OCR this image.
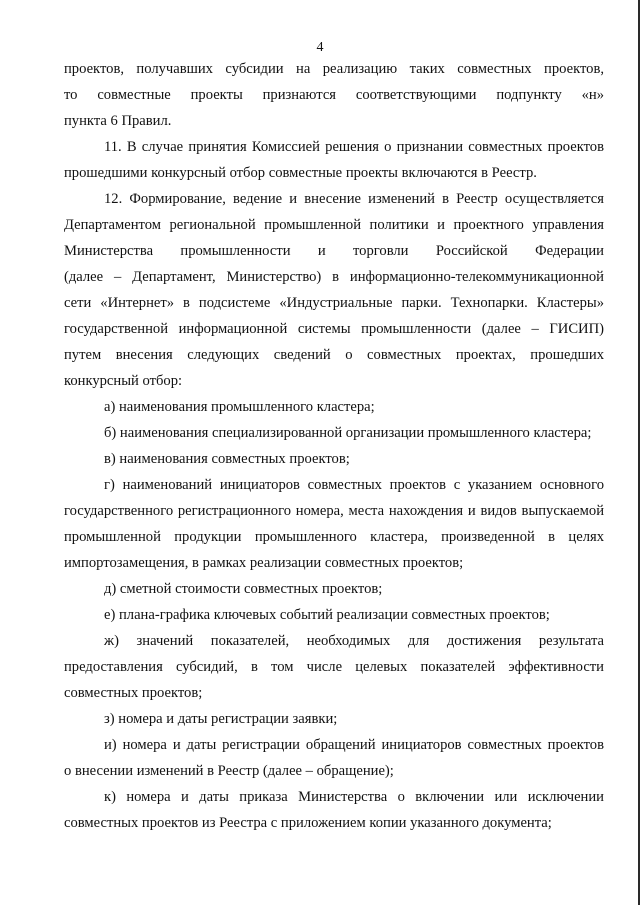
4
проектов, получавших субсидии на реализацию таких совместных проектов,
то совместные проекты признаются соответствующими подпункту «н»
пункта 6 Правил.
11. В случае принятия Комиссией решения о признании совместных проектов
прошедшими конкурсный отбор совместные проекты включаются в Реестр.
12. Формирование, ведение и внесение изменений в Реестр осуществляется
Департаментом региональной промышленной политики и проектного управления
Министерства промышленности и торговли Российской Федерации
(далее – Департамент, Министерство) в информационно-телекоммуникационной
сети «Интернет» в подсистеме «Индустриальные парки. Технопарки. Кластеры»
государственной информационной системы промышленности (далее – ГИСИП)
путем внесения следующих сведений о совместных проектах, прошедших
конкурсный отбор:
а) наименования промышленного кластера;
б) наименования специализированной организации промышленного кластера;
в) наименования совместных проектов;
г) наименований инициаторов совместных проектов с указанием основного
государственного регистрационного номера, места нахождения и видов выпускаемой
промышленной продукции промышленного кластера, произведенной в целях
импортозамещения, в рамках реализации совместных проектов;
д) сметной стоимости совместных проектов;
е) плана-графика ключевых событий реализации совместных проектов;
ж) значений показателей, необходимых для достижения результата
предоставления субсидий, в том числе целевых показателей эффективности
совместных проектов;
з) номера и даты регистрации заявки;
и) номера и даты регистрации обращений инициаторов совместных проектов
о внесении изменений в Реестр (далее – обращение);
к) номера и даты приказа Министерства о включении или исключении
совместных проектов из Реестра с приложением копии указанного документа;
